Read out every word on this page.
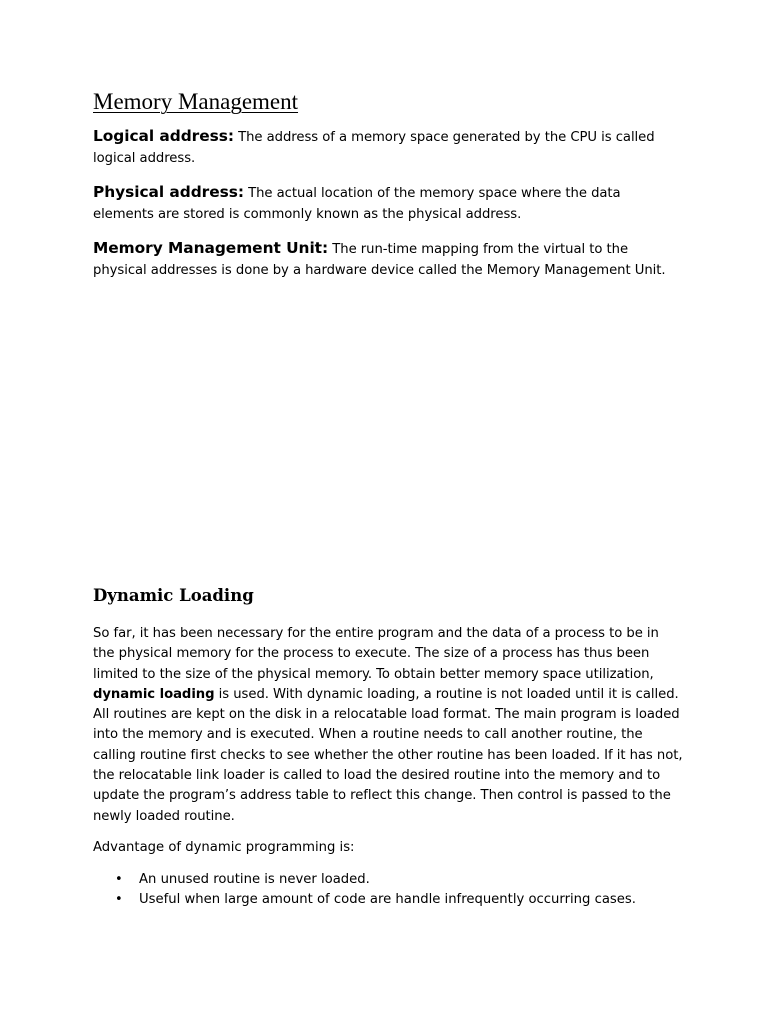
Memory Management

Logical address: The address of a memory space generated by the CPU is called logical address.

Physical address: The actual location of the memory space where the data elements are stored is commonly known as the physical address.

Memory Management Unit: The run-time mapping from the virtual to the physical addresses is done by a hardware device called the Memory Management Unit.

Dynamic Loading

So far, it has been necessary for the entire program and the data of a process to be in the physical memory for the process to execute. The size of a process has thus been limited to the size of the physical memory. To obtain better memory space utilization, dynamic loading is used. With dynamic loading, a routine is not loaded until it is called. All routines are kept on the disk in a relocatable load format. The main program is loaded into the memory and is executed. When a routine needs to call another routine, the calling routine first checks to see whether the other routine has been loaded. If it has not, the relocatable link loader is called to load the desired routine into the memory and to update the program’s address table to reflect this change. Then control is passed to the newly loaded routine.

Advantage of dynamic programming is:

• An unused routine is never loaded.
• Useful when large amount of code are handle infrequently occurring cases.
